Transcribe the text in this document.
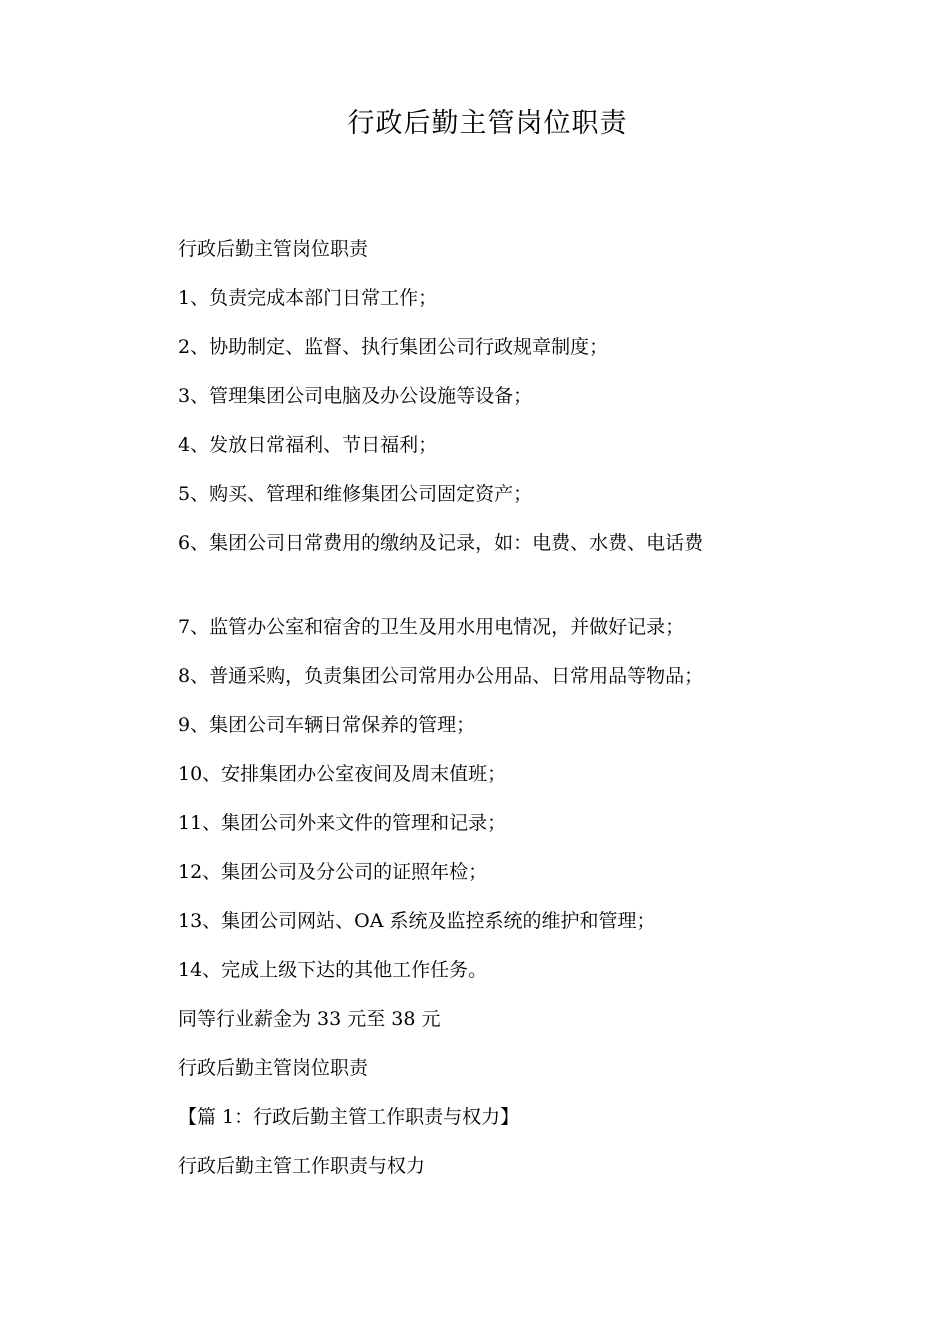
行政后勤主管岗位职责

行政后勤主管岗位职责

1、负责完成本部门日常工作；

2、协助制定、监督、执行集团公司行政规章制度；

3、管理集团公司电脑及办公设施等设备；

4、发放日常福利、节日福利；

5、购买、管理和维修集团公司固定资产；

6、集团公司日常费用的缴纳及记录，如：电费、水费、电话费

7、监管办公室和宿舍的卫生及用水用电情况，并做好记录；

8、普通采购，负责集团公司常用办公用品、日常用品等物品；

9、集团公司车辆日常保养的管理；

10、安排集团办公室夜间及周末值班；

11、集团公司外来文件的管理和记录；

12、集团公司及分公司的证照年检；

13、集团公司网站、OA 系统及监控系统的维护和管理；

14、完成上级下达的其他工作任务。

同等行业薪金为 33 元至 38 元

行政后勤主管岗位职责

【篇 1：行政后勤主管工作职责与权力】

行政后勤主管工作职责与权力
